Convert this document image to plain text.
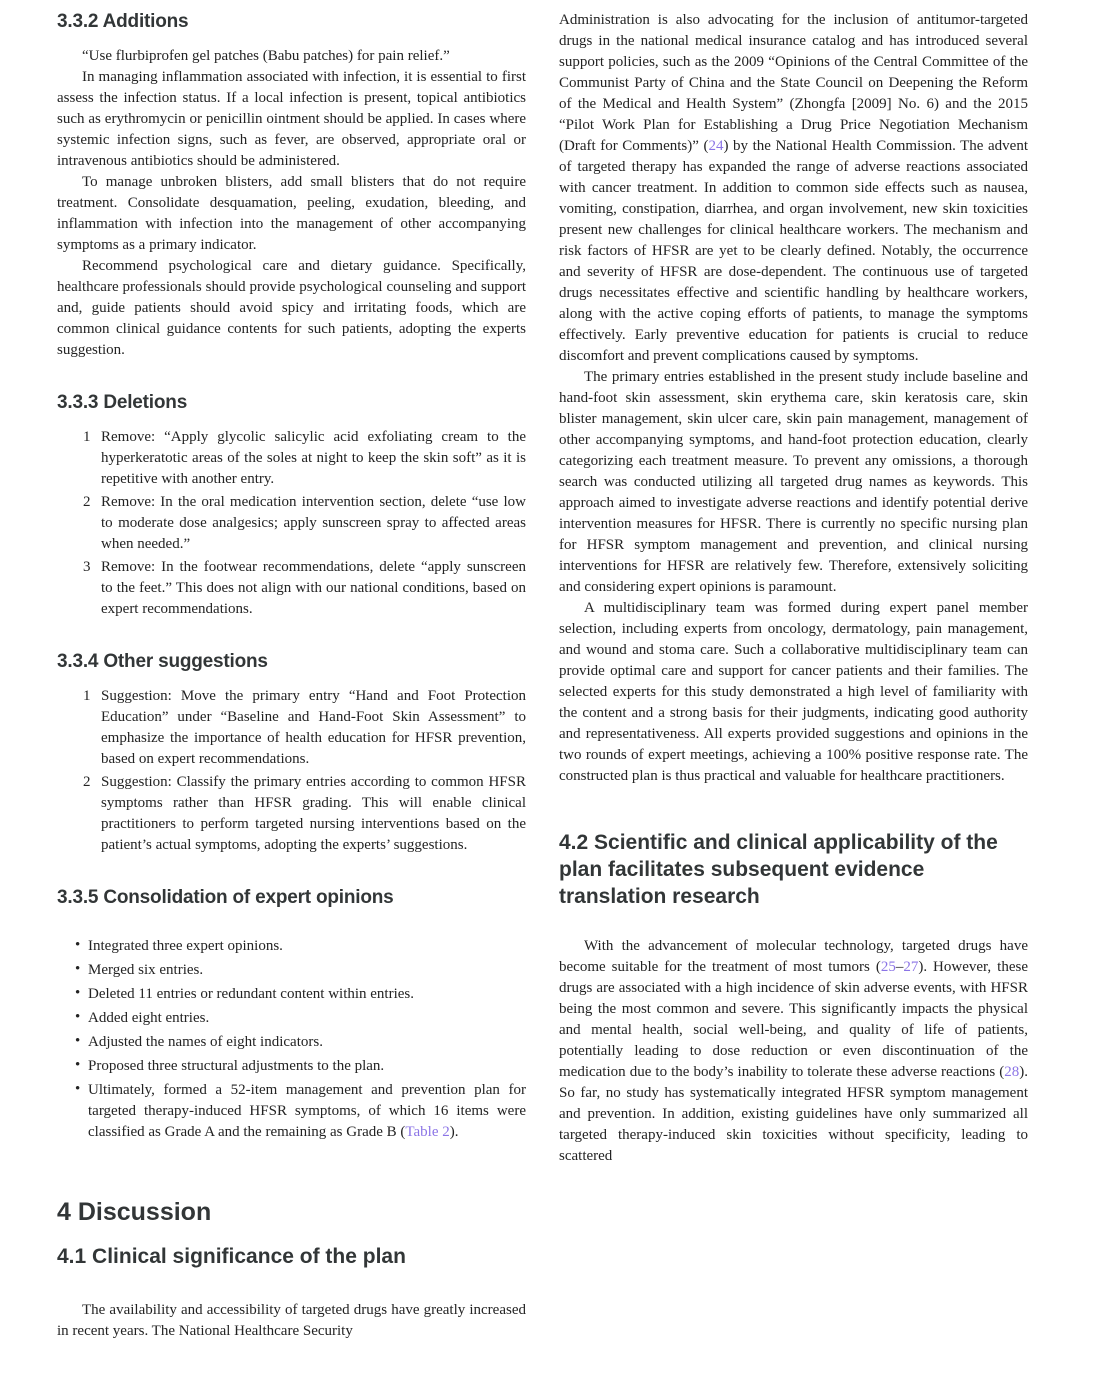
3.3.2 Additions

“Use flurbiprofen gel patches (Babu patches) for pain relief.”

In managing inflammation associated with infection, it is essential to first assess the infection status. If a local infection is present, topical antibiotics such as erythromycin or penicillin ointment should be applied. In cases where systemic infection signs, such as fever, are observed, appropriate oral or intravenous antibiotics should be administered.

To manage unbroken blisters, add small blisters that do not require treatment. Consolidate desquamation, peeling, exudation, bleeding, and inflammation with infection into the management of other accompanying symptoms as a primary indicator.

Recommend psychological care and dietary guidance. Specifically, healthcare professionals should provide psychological counseling and support and, guide patients should avoid spicy and irritating foods, which are common clinical guidance contents for such patients, adopting the experts suggestion.

3.3.3 Deletions
Remove: “Apply glycolic salicylic acid exfoliating cream to the hyperkeratotic areas of the soles at night to keep the skin soft” as it is repetitive with another entry.
Remove: In the oral medication intervention section, delete “use low to moderate dose analgesics; apply sunscreen spray to affected areas when needed.”
Remove: In the footwear recommendations, delete “apply sunscreen to the feet.” This does not align with our national conditions, based on expert recommendations.
3.3.4 Other suggestions
Suggestion: Move the primary entry “Hand and Foot Protection Education” under “Baseline and Hand-Foot Skin Assessment” to emphasize the importance of health education for HFSR prevention, based on expert recommendations.
Suggestion: Classify the primary entries according to common HFSR symptoms rather than HFSR grading. This will enable clinical practitioners to perform targeted nursing interventions based on the patient’s actual symptoms, adopting the experts’ suggestions.
3.3.5 Consolidation of expert opinions
• Integrated three expert opinions.
• Merged six entries.
• Deleted 11 entries or redundant content within entries.
• Added eight entries.
• Adjusted the names of eight indicators.
• Proposed three structural adjustments to the plan.
• Ultimately, formed a 52-item management and prevention plan for targeted therapy-induced HFSR symptoms, of which 16 items were classified as Grade A and the remaining as Grade B (Table 2).
4 Discussion
4.1 Clinical significance of the plan

The availability and accessibility of targeted drugs have greatly increased in recent years. The National Healthcare Security

Administration is also advocating for the inclusion of antitumor-targeted drugs in the national medical insurance catalog and has introduced several support policies, such as the 2009 “Opinions of the Central Committee of the Communist Party of China and the State Council on Deepening the Reform of the Medical and Health System” (Zhongfa [2009] No. 6) and the 2015 “Pilot Work Plan for Establishing a Drug Price Negotiation Mechanism (Draft for Comments)” (24) by the National Health Commission. The advent of targeted therapy has expanded the range of adverse reactions associated with cancer treatment. In addition to common side effects such as nausea, vomiting, constipation, diarrhea, and organ involvement, new skin toxicities present new challenges for clinical healthcare workers. The mechanism and risk factors of HFSR are yet to be clearly defined. Notably, the occurrence and severity of HFSR are dose-dependent. The continuous use of targeted drugs necessitates effective and scientific handling by healthcare workers, along with the active coping efforts of patients, to manage the symptoms effectively. Early preventive education for patients is crucial to reduce discomfort and prevent complications caused by symptoms.

The primary entries established in the present study include baseline and hand-foot skin assessment, skin erythema care, skin keratosis care, skin blister management, skin ulcer care, skin pain management, management of other accompanying symptoms, and hand-foot protection education, clearly categorizing each treatment measure. To prevent any omissions, a thorough search was conducted utilizing all targeted drug names as keywords. This approach aimed to investigate adverse reactions and identify potential derive intervention measures for HFSR. There is currently no specific nursing plan for HFSR symptom management and prevention, and clinical nursing interventions for HFSR are relatively few. Therefore, extensively soliciting and considering expert opinions is paramount.

A multidisciplinary team was formed during expert panel member selection, including experts from oncology, dermatology, pain management, and wound and stoma care. Such a collaborative multidisciplinary team can provide optimal care and support for cancer patients and their families. The selected experts for this study demonstrated a high level of familiarity with the content and a strong basis for their judgments, indicating good authority and representativeness. All experts provided suggestions and opinions in the two rounds of expert meetings, achieving a 100% positive response rate. The constructed plan is thus practical and valuable for healthcare practitioners.

4.2 Scientific and clinical applicability of the plan facilitates subsequent evidence translation research

With the advancement of molecular technology, targeted drugs have become suitable for the treatment of most tumors (25–27). However, these drugs are associated with a high incidence of skin adverse events, with HFSR being the most common and severe. This significantly impacts the physical and mental health, social well-being, and quality of life of patients, potentially leading to dose reduction or even discontinuation of the medication due to the body’s inability to tolerate these adverse reactions (28). So far, no study has systematically integrated HFSR symptom management and prevention. In addition, existing guidelines have only summarized all targeted therapy-induced skin toxicities without specificity, leading to scattered
